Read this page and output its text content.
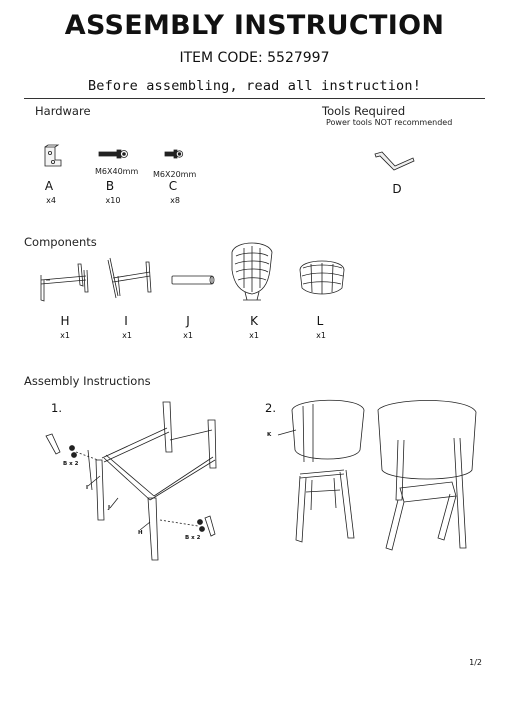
ASSEMBLY INSTRUCTION
ITEM CODE: 5527997
Before assembling, read all instruction!
Hardware	Tools Required
Power tools NOT recommended
M6X40mm M6X20mm
A	B	C	D
x4	x10	x8
Components
H	I	J	K	L
x1	x1	x1	x1	x1
Assembly Instructions
1.	2.
B x 2
B x 2
I
J
H
K
1/2
